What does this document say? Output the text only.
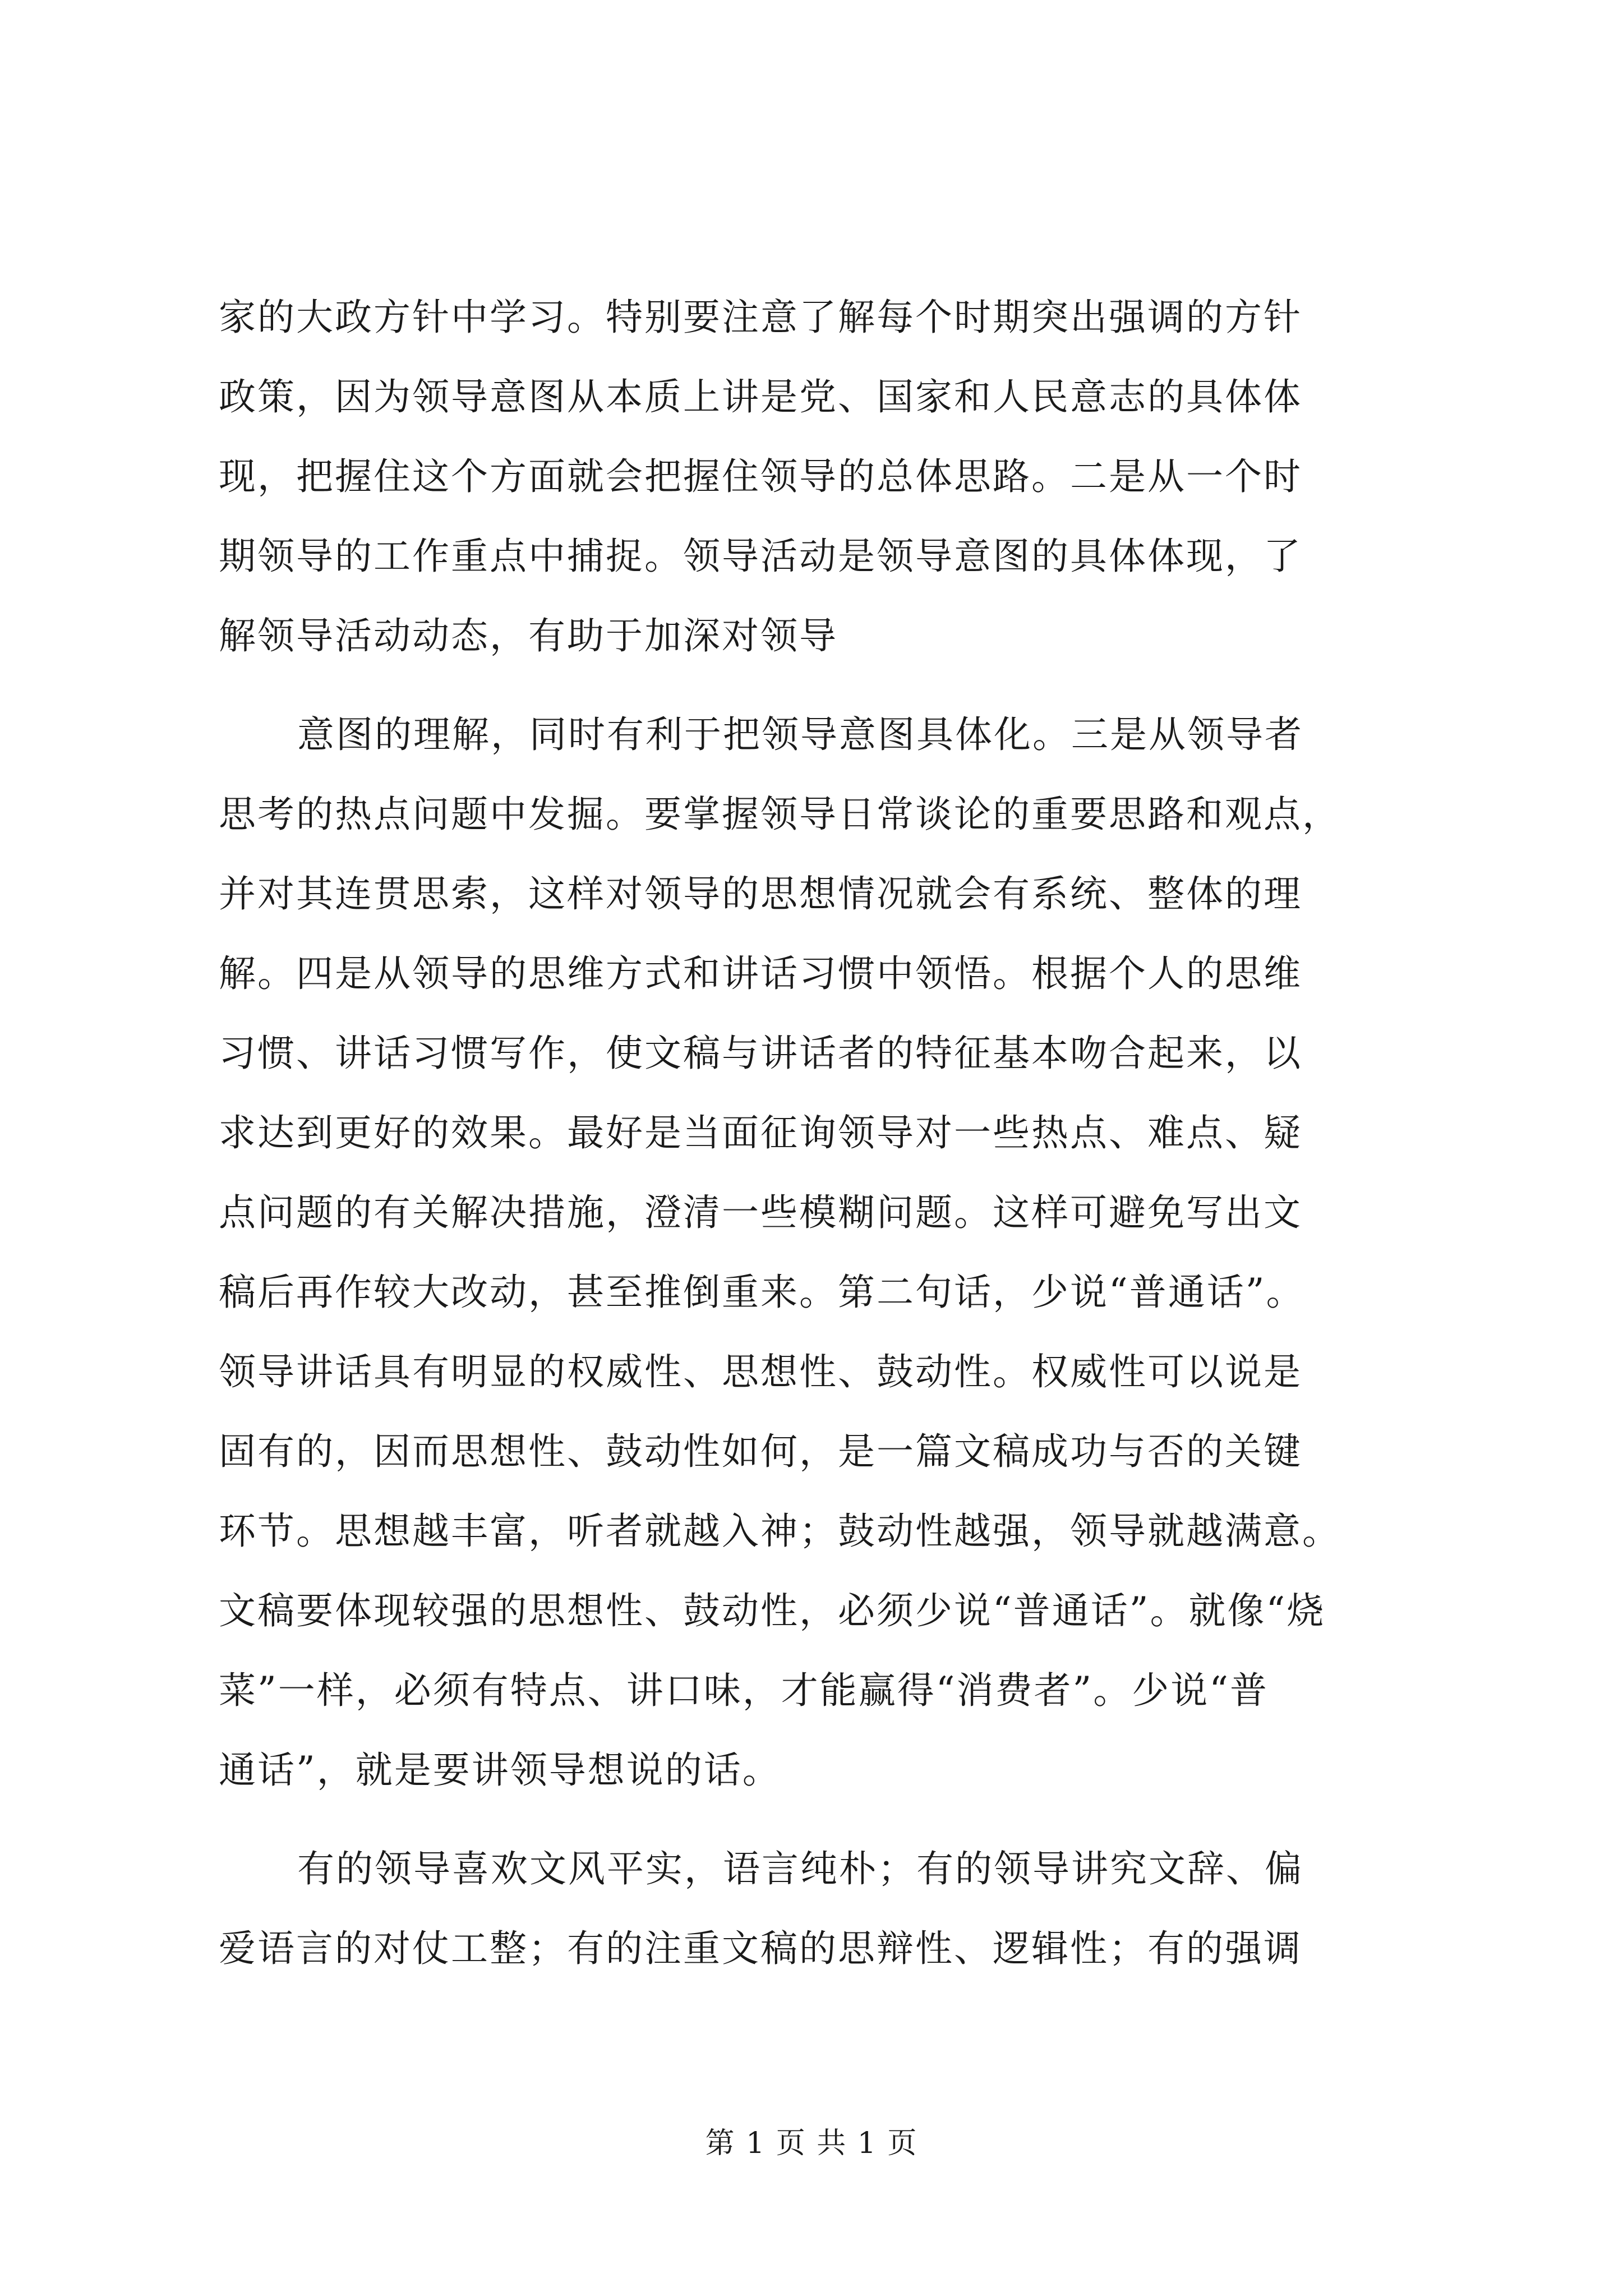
家的大政方针中学习。特别要注意了解每个时期突出强调的方针
政策，因为领导意图从本质上讲是党、国家和人民意志的具体体
现，把握住这个方面就会把握住领导的总体思路。二是从一个时
期领导的工作重点中捕捉。领导活动是领导意图的具体体现，了
解领导活动动态，有助于加深对领导
意图的理解，同时有利于把领导意图具体化。三是从领导者
思考的热点问题中发掘。要掌握领导日常谈论的重要思路和观点，
并对其连贯思索，这样对领导的思想情况就会有系统、整体的理
解。四是从领导的思维方式和讲话习惯中领悟。根据个人的思维
习惯、讲话习惯写作，使文稿与讲话者的特征基本吻合起来，以
求达到更好的效果。最好是当面征询领导对一些热点、难点、疑
点问题的有关解决措施，澄清一些模糊问题。这样可避免写出文
稿后再作较大改动，甚至推倒重来。第二句话，少说“普通话”。
领导讲话具有明显的权威性、思想性、鼓动性。权威性可以说是
固有的，因而思想性、鼓动性如何，是一篇文稿成功与否的关键
环节。思想越丰富，听者就越入神；鼓动性越强，领导就越满意。
文稿要体现较强的思想性、鼓动性，必须少说“普通话”。就像“烧
菜”一样，必须有特点、讲口味，才能赢得“消费者”。少说“普
通话”，就是要讲领导想说的话。
有的领导喜欢文风平实，语言纯朴；有的领导讲究文辞、偏
爱语言的对仗工整；有的注重文稿的思辩性、逻辑性；有的强调
第 1 页 共 1 页
